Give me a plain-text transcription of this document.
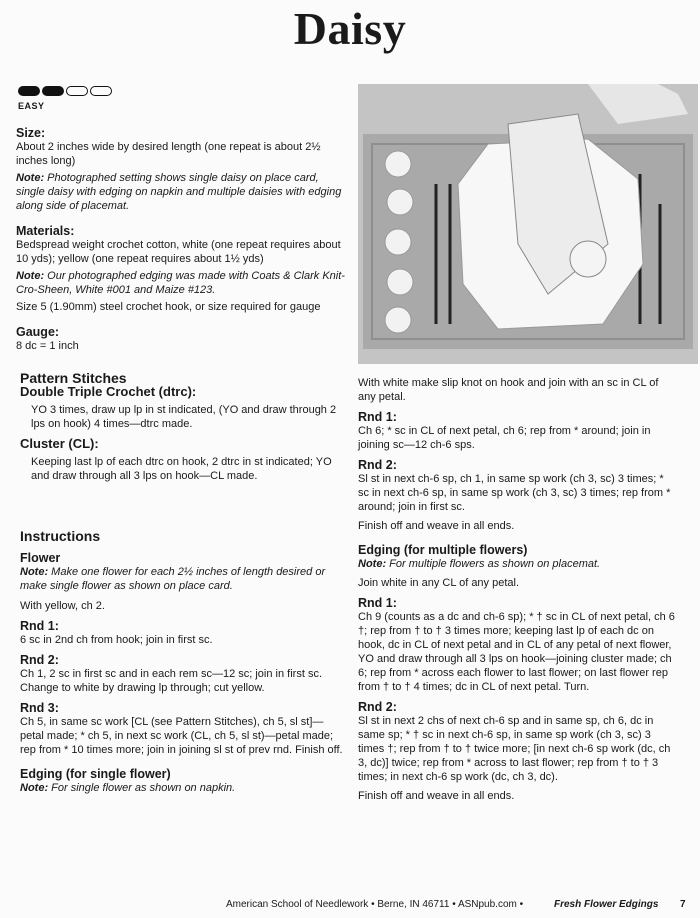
Daisy
EASY
Size:

About 2 inches wide by desired length (one repeat is about 2½ inches long)

Note: Photographed setting shows single daisy on place card, single daisy with edging on napkin and multiple daisies with edging along side of placemat.

Materials:

Bedspread weight crochet cotton, white (one repeat requires about 10 yds); yellow (one repeat requires about 1½ yds)

Note: Our photographed edging was made with Coats & Clark Knit-Cro-Sheen, White #001 and Maize #123.

Size 5 (1.90mm) steel crochet hook, or size required for gauge

Gauge:

8 dc = 1 inch

Pattern Stitches
Double Triple Crochet (dtrc):

YO 3 times, draw up lp in st indicated, (YO and draw through 2 lps on hook) 4 times—dtrc made.

Cluster (CL):

Keeping last lp of each dtrc on hook, 2 dtrc in st indicated; YO and draw through all 3 lps on hook—CL made.

Instructions
Flower

Note: Make one flower for each 2½ inches of length desired or make single flower as shown on place card.

With yellow, ch 2.

Rnd 1:

6 sc in 2nd ch from hook; join in first sc.

Rnd 2:

Ch 1, 2 sc in first sc and in each rem sc—12 sc; join in first sc. Change to white by drawing lp through; cut yellow.

Rnd 3:

Ch 5, in same sc work [CL (see Pattern Stitches), ch 5, sl st]—petal made; * ch 5, in next sc work (CL, ch 5, sl st)—petal made; rep from * 10 times more; join in joining sl st of prev rnd. Finish off.

Edging (for single flower)

Note: For single flower as shown on napkin.

With white make slip knot on hook and join with an sc in CL of any petal.

Rnd 1:

Ch 6; * sc in CL of next petal, ch 6; rep from * around; join in joining sc—12 ch-6 sps.

Rnd 2:

Sl st in next ch-6 sp, ch 1, in same sp work (ch 3, sc) 3 times; * sc in next ch-6 sp, in same sp work (ch 3, sc) 3 times; rep from * around; join in first sc.

Finish off and weave in all ends.

Edging (for multiple flowers)

Note: For multiple flowers as shown on placemat.

Join white in any CL of any petal.

Rnd 1:

Ch 9 (counts as a dc and ch-6 sp); * † sc in CL of next petal, ch 6 †; rep from † to † 3 times more; keeping last lp of each dc on hook, dc in CL of next petal and in CL of any petal of next flower, YO and draw through all 3 lps on hook—joining cluster made; ch 6; rep from * across each flower to last flower; on last flower rep from † to † 4 times; dc in CL of next petal. Turn.

Rnd 2:

Sl st in next 2 chs of next ch-6 sp and in same sp, ch 6, dc in same sp; * † sc in next ch-6 sp, in same sp work (ch 3, sc) 3 times †; rep from † to † twice more; [in next ch-6 sp work (dc, ch 3, dc)] twice; rep from * across to last flower; rep from † to † 3 times; in next ch-6 sp work (dc, ch 3, dc).

Finish off and weave in all ends.

American School of Needlework • Berne, IN 46711 • ASNpub.com •	Fresh Flower Edgings 7
